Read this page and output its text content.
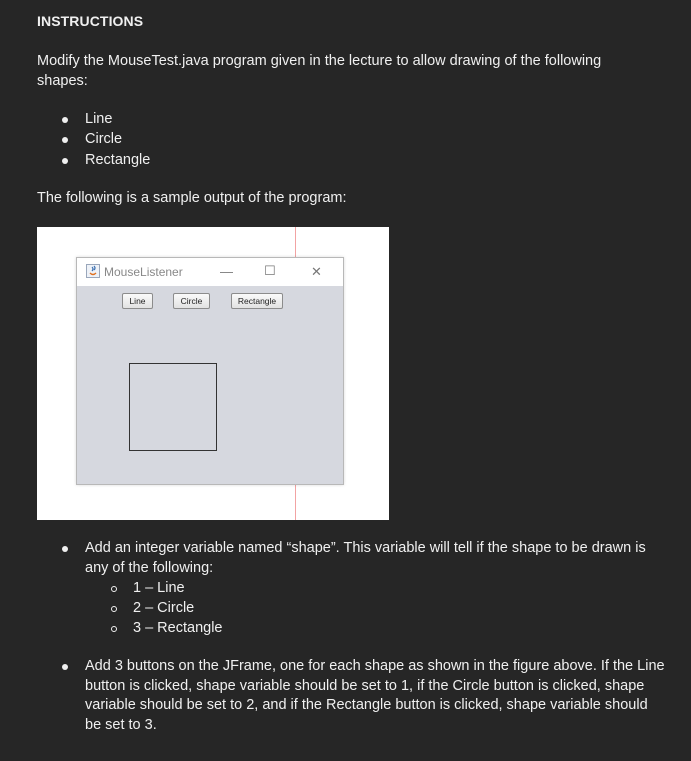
INSTRUCTIONS
Modify the MouseTest.java program given in the lecture to allow drawing of the following shapes:
Line
Circle
Rectangle
The following is a sample output of the program:
MouseListener	— ☐	✕
Line	Circle	Rectangle
Add an integer variable named “shape”. This variable will tell if the shape to be drawn is any of the following:
1 – Line
2 – Circle
3 – Rectangle
Add 3 buttons on the JFrame, one for each shape as shown in the figure above. If the Line button is clicked, shape variable should be set to 1, if the Circle button is clicked, shape variable should be set to 2, and if the Rectangle button is clicked, shape variable should be set to 3.
